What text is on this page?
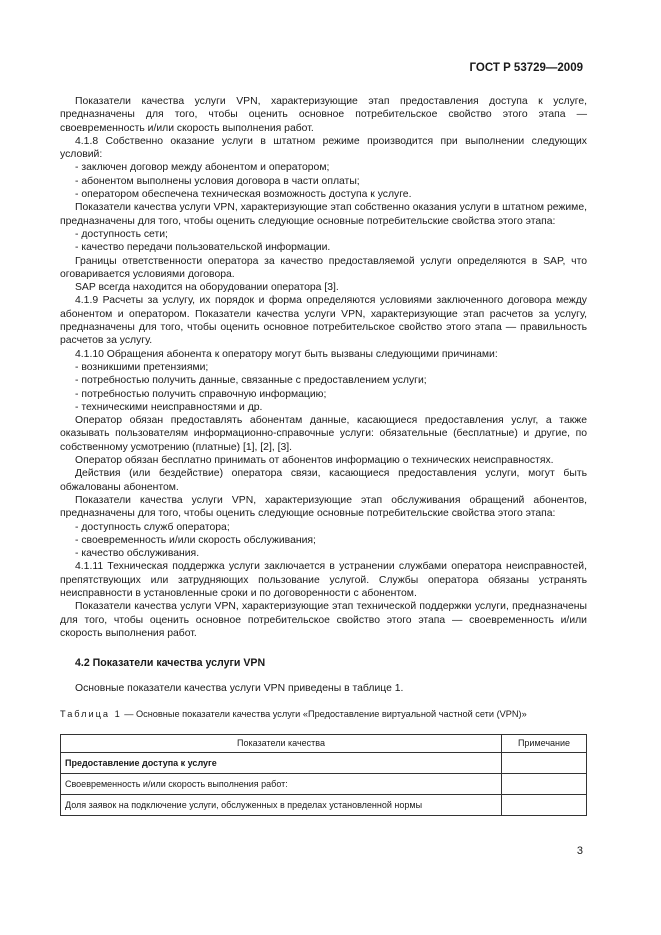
ГОСТ Р 53729—2009

Показатели качества услуги VPN, характеризующие этап предоставления доступа к услуге, предназначены для того, чтобы оценить основное потребительское свойство этого этапа — своевременность и/или скорость выполнения работ.

4.1.8 Собственно оказание услуги в штатном режиме производится при выполнении следующих условий:

- заключен договор между абонентом и оператором;

- абонентом выполнены условия договора в части оплаты;

- оператором обеспечена техническая возможность доступа к услуге.

Показатели качества услуги VPN, характеризующие этап собственно оказания услуги в штатном режиме, предназначены для того, чтобы оценить следующие основные потребительские свойства этого этапа:

- доступность сети;

- качество передачи пользовательской информации.

Границы ответственности оператора за качество предоставляемой услуги определяются в SAP, что оговаривается условиями договора.

SAP всегда находится на оборудовании оператора [3].

4.1.9 Расчеты за услугу, их порядок и форма определяются условиями заключенного договора между абонентом и оператором. Показатели качества услуги VPN, характеризующие этап расчетов за услугу, предназначены для того, чтобы оценить основное потребительское свойство этого этапа — правильность расчетов за услугу.

4.1.10 Обращения абонента к оператору могут быть вызваны следующими причинами:

- возникшими претензиями;

- потребностью получить данные, связанные с предоставлением услуги;

- потребностью получить справочную информацию;

- техническими неисправностями и др.

Оператор обязан предоставлять абонентам данные, касающиеся предоставления услуг, а также оказывать пользователям информационно-справочные услуги: обязательные (бесплатные) и другие, по собственному усмотрению (платные) [1], [2], [3].

Оператор обязан бесплатно принимать от абонентов информацию о технических неисправностях.

Действия (или бездействие) оператора связи, касающиеся предоставления услуги, могут быть обжалованы абонентом.

Показатели качества услуги VPN, характеризующие этап обслуживания обращений абонентов, предназначены для того, чтобы оценить следующие основные потребительские свойства этого этапа:

- доступность служб оператора;

- своевременность и/или скорость обслуживания;

- качество обслуживания.

4.1.11 Техническая поддержка услуги заключается в устранении службами оператора неисправностей, препятствующих или затрудняющих пользование услугой. Службы оператора обязаны устранять неисправности в установленные сроки и по договоренности с абонентом.

Показатели качества услуги VPN, характеризующие этап технической поддержки услуги, предназначены для того, чтобы оценить основное потребительское свойство этого этапа — своевременность и/или скорость выполнения работ.

4.2 Показатели качества услуги VPN

Основные показатели качества услуги VPN приведены в таблице 1.

Таблица 1 — Основные показатели качества услуги «Предоставление виртуальной частной сети (VPN)»

Показатели качества	Примечание
Предоставление доступа к услуге	
Своевременность и/или скорость выполнения работ:	
Доля заявок на подключение услуги, обслуженных в пределах установленной нормы	
3
